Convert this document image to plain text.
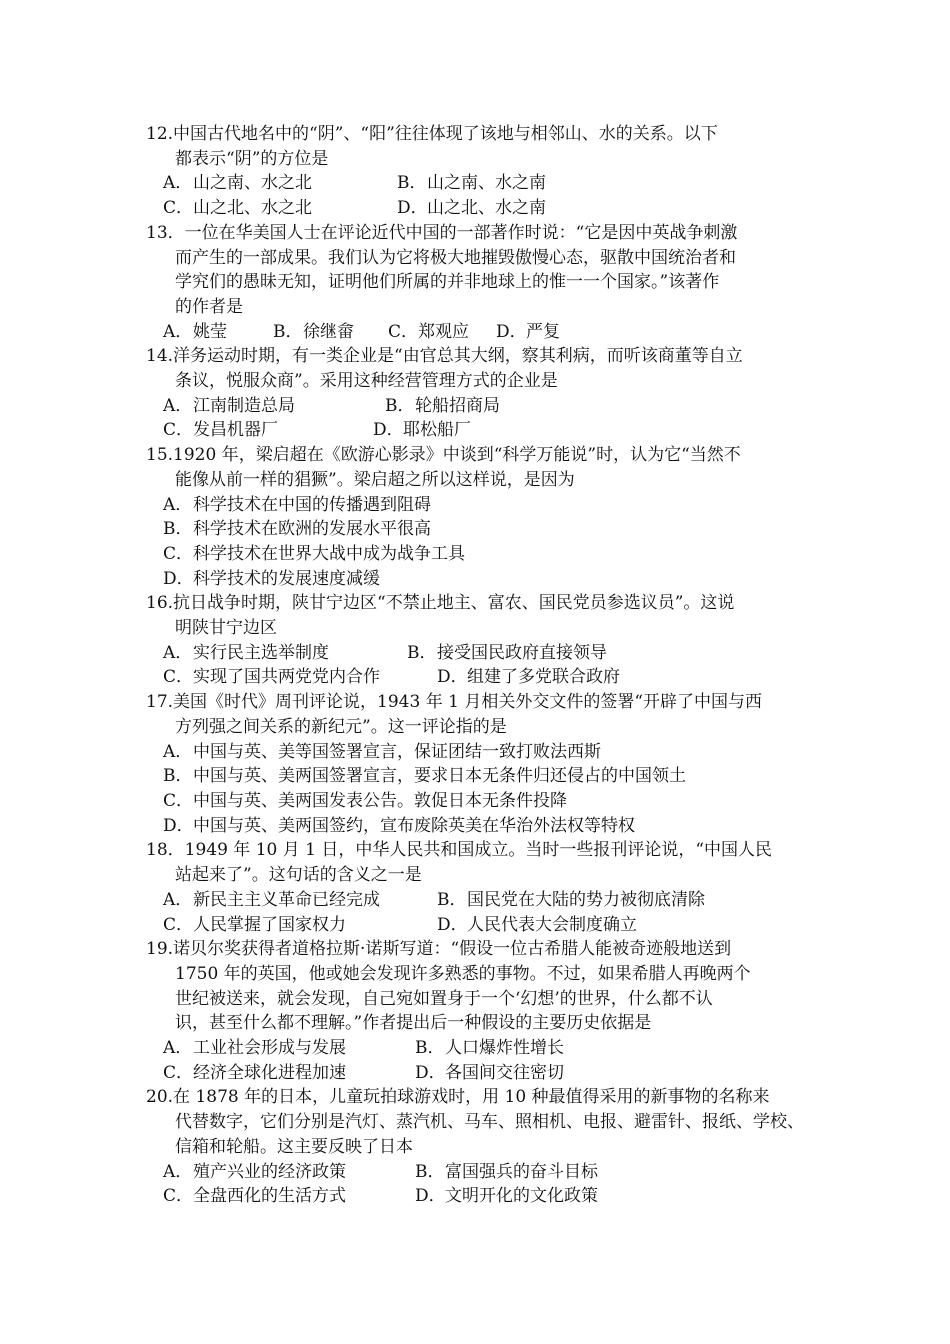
12.中国古代地名中的“阴”、“阳”往往体现了该地与相邻山、水的关系。以下
都表示“阴”的方位是
A．山之南、水之北	B．山之南、水之南
C．山之北、水之北	D．山之北、水之南
13．一位在华美国人士在评论近代中国的一部著作时说：“它是因中英战争刺激
而产生的一部成果。我们认为它将极大地摧毁傲慢心态，驱散中国统治者和
学究们的愚昧无知，证明他们所属的并非地球上的惟一一个国家。”该著作
的作者是
A．姚莹	B．徐继畲	C．郑观应	D．严复
14.洋务运动时期，有一类企业是“由官总其大纲，察其利病，而听该商董等自立
条议，悦服众商”。采用这种经营管理方式的企业是
A．江南制造总局	B．轮船招商局
C．发昌机器厂	D．耶松船厂
15.1920 年，梁启超在《欧游心影录》中谈到“科学万能说”时，认为它“当然不
能像从前一样的猖獗”。梁启超之所以这样说，是因为
A．科学技术在中国的传播遇到阻碍
B．科学技术在欧洲的发展水平很高
C．科学技术在世界大战中成为战争工具
D．科学技术的发展速度减缓
16.抗日战争时期，陕甘宁边区“不禁止地主、富农、国民党员参选议员”。这说
明陕甘宁边区
A．实行民主选举制度	B．接受国民政府直接领导
C．实现了国共两党党内合作	D．组建了多党联合政府
17.美国《时代》周刊评论说，1943 年 1 月相关外交文件的签署“开辟了中国与西
方列强之间关系的新纪元”。这一评论指的是
A．中国与英、美等国签署宣言，保证团结一致打败法西斯
B．中国与英、美两国签署宣言，要求日本无条件归还侵占的中国领土
C．中国与英、美两国发表公告。敦促日本无条件投降
D．中国与英、美两国签约，宣布废除英美在华治外法权等特权
18．1949 年 10 月 1 日，中华人民共和国成立。当时一些报刊评论说，“中国人民
站起来了”。这句话的含义之一是
A．新民主主义革命已经完成	B．国民党在大陆的势力被彻底清除
C．人民掌握了国家权力	D．人民代表大会制度确立
19.诺贝尔奖获得者道格拉斯·诺斯写道：“假设一位古希腊人能被奇迹般地送到
1750 年的英国，他或她会发现许多熟悉的事物。不过，如果希腊人再晚两个
世纪被送来，就会发现，自己宛如置身于一个‘幻想’的世界，什么都不认
识，甚至什么都不理解。”作者提出后一种假设的主要历史依据是
A．工业社会形成与发展	B．人口爆炸性增长
C．经济全球化进程加速	D．各国间交往密切
20.在 1878 年的日本，儿童玩拍球游戏时，用 10 种最值得采用的新事物的名称来
代替数字，它们分别是汽灯、蒸汽机、马车、照相机、电报、避雷针、报纸、学校、
信箱和轮船。这主要反映了日本
A．殖产兴业的经济政策	B．富国强兵的奋斗目标
C．全盘西化的生活方式	D．文明开化的文化政策
